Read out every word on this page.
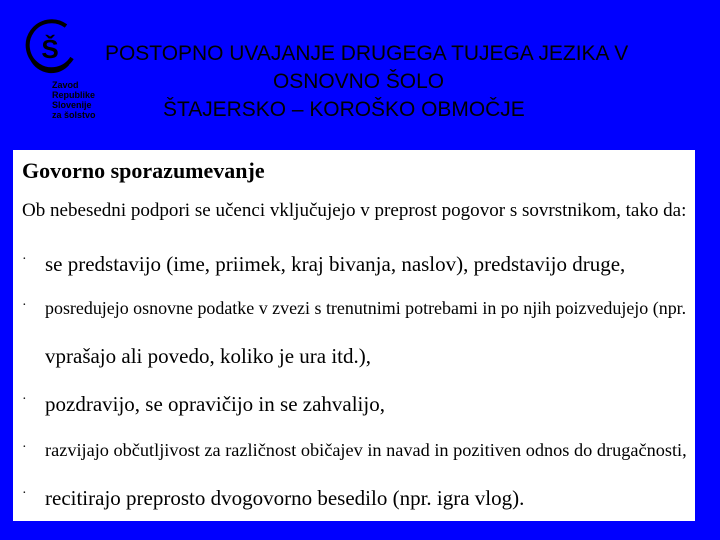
Š
Zavod
Republike
Slovenije
za šolstvo
POSTOPNO UVAJANJE DRUGEGA TUJEGA JEZIKA V
OSNOVNO ŠOLO
ŠTAJERSKO – KOROŠKO OBMOČJE
Govorno sporazumevanje
Ob nebesedni podpori se učenci vključujejo v preprost pogovor s sovrstnikom, tako da:
· se predstavijo (ime, priimek, kraj bivanja, naslov), predstavijo druge,
· posredujejo osnovne podatke v zvezi s trenutnimi potrebami in po njih poizvedujejo (npr.
vprašajo ali povedo, koliko je ura itd.),
· pozdravijo, se opravičijo in se zahvalijo,
· razvijajo občutljivost za različnost običajev in navad in pozitiven odnos do drugačnosti,
· recitirajo preprosto dvogovorno besedilo (npr. igra vlog).
